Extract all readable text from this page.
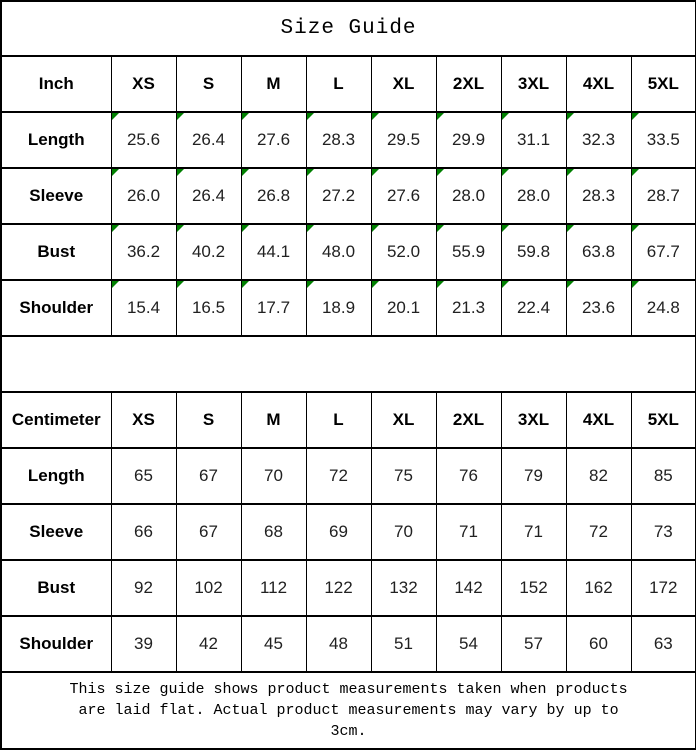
Size Guide									
Inch	XS	S	M	L	XL	2XL	3XL	4XL	5XL
Length	25.6	26.4	27.6	28.3	29.5	29.9	31.1	32.3	33.5
Sleeve	26.0	26.4	26.8	27.2	27.6	28.0	28.0	28.3	28.7
Bust	36.2	40.2	44.1	48.0	52.0	55.9	59.8	63.8	67.7
Shoulder	15.4	16.5	17.7	18.9	20.1	21.3	22.4	23.6	24.8

Centimeter	XS	S	M	L	XL	2XL	3XL	4XL	5XL
Length	65	67	70	72	75	76	79	82	85
Sleeve	66	67	68	69	70	71	71	72	73
Bust	92	102	112	122	132	142	152	162	172
Shoulder	39	42	45	48	51	54	57	60	63
This size guide shows product measurements taken when products are laid flat. Actual product measurements may vary by up to 3cm.									
